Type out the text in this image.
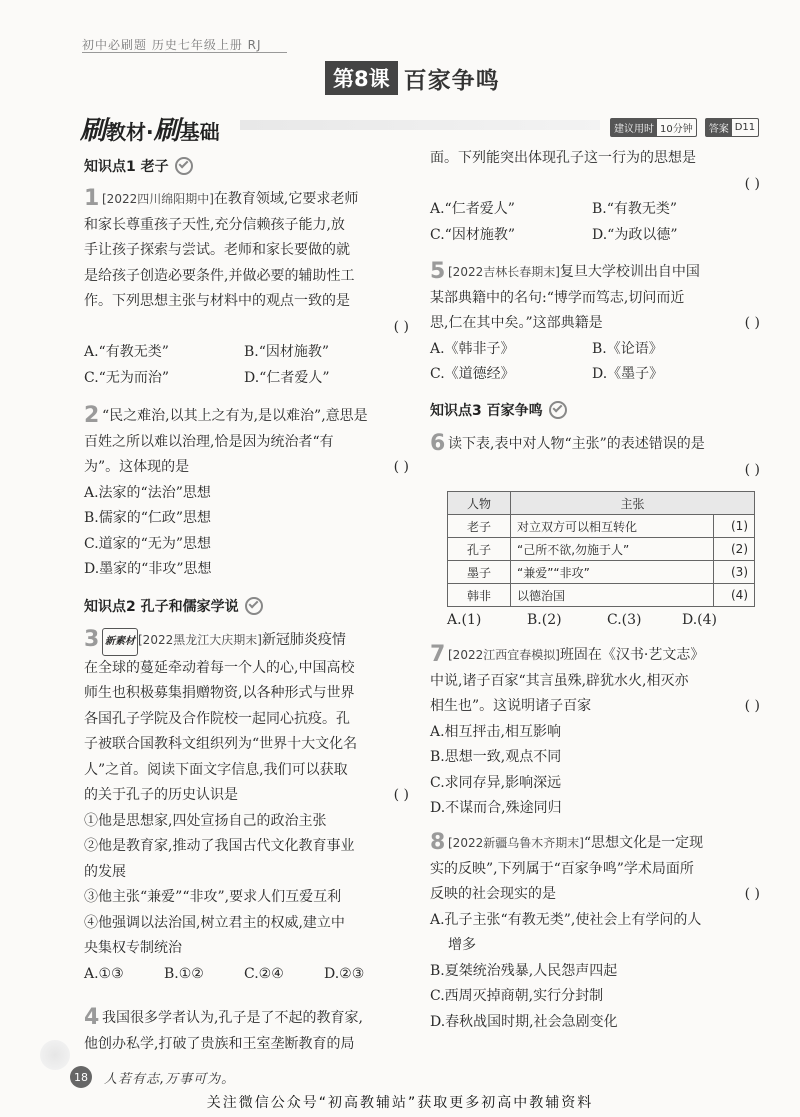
初中必刷题 历史七年级上册 RJ
第8课 百家争鸣
刷教材·刷基础	建议用时 10分钟	答案 D11
知识点1 老子
1 [2022四川绵阳期中]在教育领域,它要求老师
和家长尊重孩子天性,充分信赖孩子能力,放
手让孩子探索与尝试。老师和家长要做的就
是给孩子创造必要条件,并做必要的辅助性工
作。下列思想主张与材料中的观点一致的是
( )
A.“有教无类”	B.“因材施教”
C.“无为而治”	D.“仁者爱人”
2 “民之难治,以其上之有为,是以难治”,意思是
百姓之所以难以治理,恰是因为统治者“有
为”。这体现的是	( )
A.法家的“法治”思想
B.儒家的“仁政”思想
C.道家的“无为”思想
D.墨家的“非攻”思想
知识点2 孔子和儒家学说
3 新素材 [2022黑龙江大庆期末]新冠肺炎疫情
在全球的蔓延牵动着每一个人的心,中国高校
师生也积极募集捐赠物资,以各种形式与世界
各国孔子学院及合作院校一起同心抗疫。孔
子被联合国教科文组织列为“世界十大文化名
人”之首。阅读下面文字信息,我们可以获取
的关于孔子的历史认识是	( )
①他是思想家,四处宣扬自己的政治主张
②他是教育家,推动了我国古代文化教育事业
的发展
③他主张“兼爱”“非攻”,要求人们互爱互利
④他强调以法治国,树立君主的权威,建立中
央集权专制统治
A.①③	B.①②	C.②④	D.②③
4 我国很多学者认为,孔子是了不起的教育家,
他创办私学,打破了贵族和王室垄断教育的局
面。下列能突出体现孔子这一行为的思想是
( )
A.“仁者爱人”	B.“有教无类”
C.“因材施教”	D.“为政以德”
5 [2022吉林长春期末]复旦大学校训出自中国
某部典籍中的名句:“博学而笃志,切问而近
思,仁在其中矣。”这部典籍是	( )
A.《韩非子》	B.《论语》
C.《道德经》	D.《墨子》
知识点3 百家争鸣
6 读下表,表中对人物“主张”的表述错误的是
( )
人物	主张	
老子	对立双方可以相互转化	(1)
孔子	“己所不欲,勿施于人”	(2)
墨子	“兼爱”“非攻”	(3)
韩非	以德治国	(4)
A.(1)	B.(2)	C.(3)	D.(4)
7 [2022江西宜春模拟]班固在《汉书·艺文志》
中说,诸子百家“其言虽殊,辟犹水火,相灭亦
相生也”。这说明诸子百家	( )
A.相互抨击,相互影响
B.思想一致,观点不同
C.求同存异,影响深远
D.不谋而合,殊途同归
8 [2022新疆乌鲁木齐期末]“思想文化是一定现
实的反映”,下列属于“百家争鸣”学术局面所
反映的社会现实的是	( )
A.孔子主张“有教无类”,使社会上有学问的人
增多
B.夏桀统治残暴,人民怨声四起
C.西周灭掉商朝,实行分封制
D.春秋战国时期,社会急剧变化
18	人若有志,万事可为。
关注微信公众号“初高教辅站”获取更多初高中教辅资料
